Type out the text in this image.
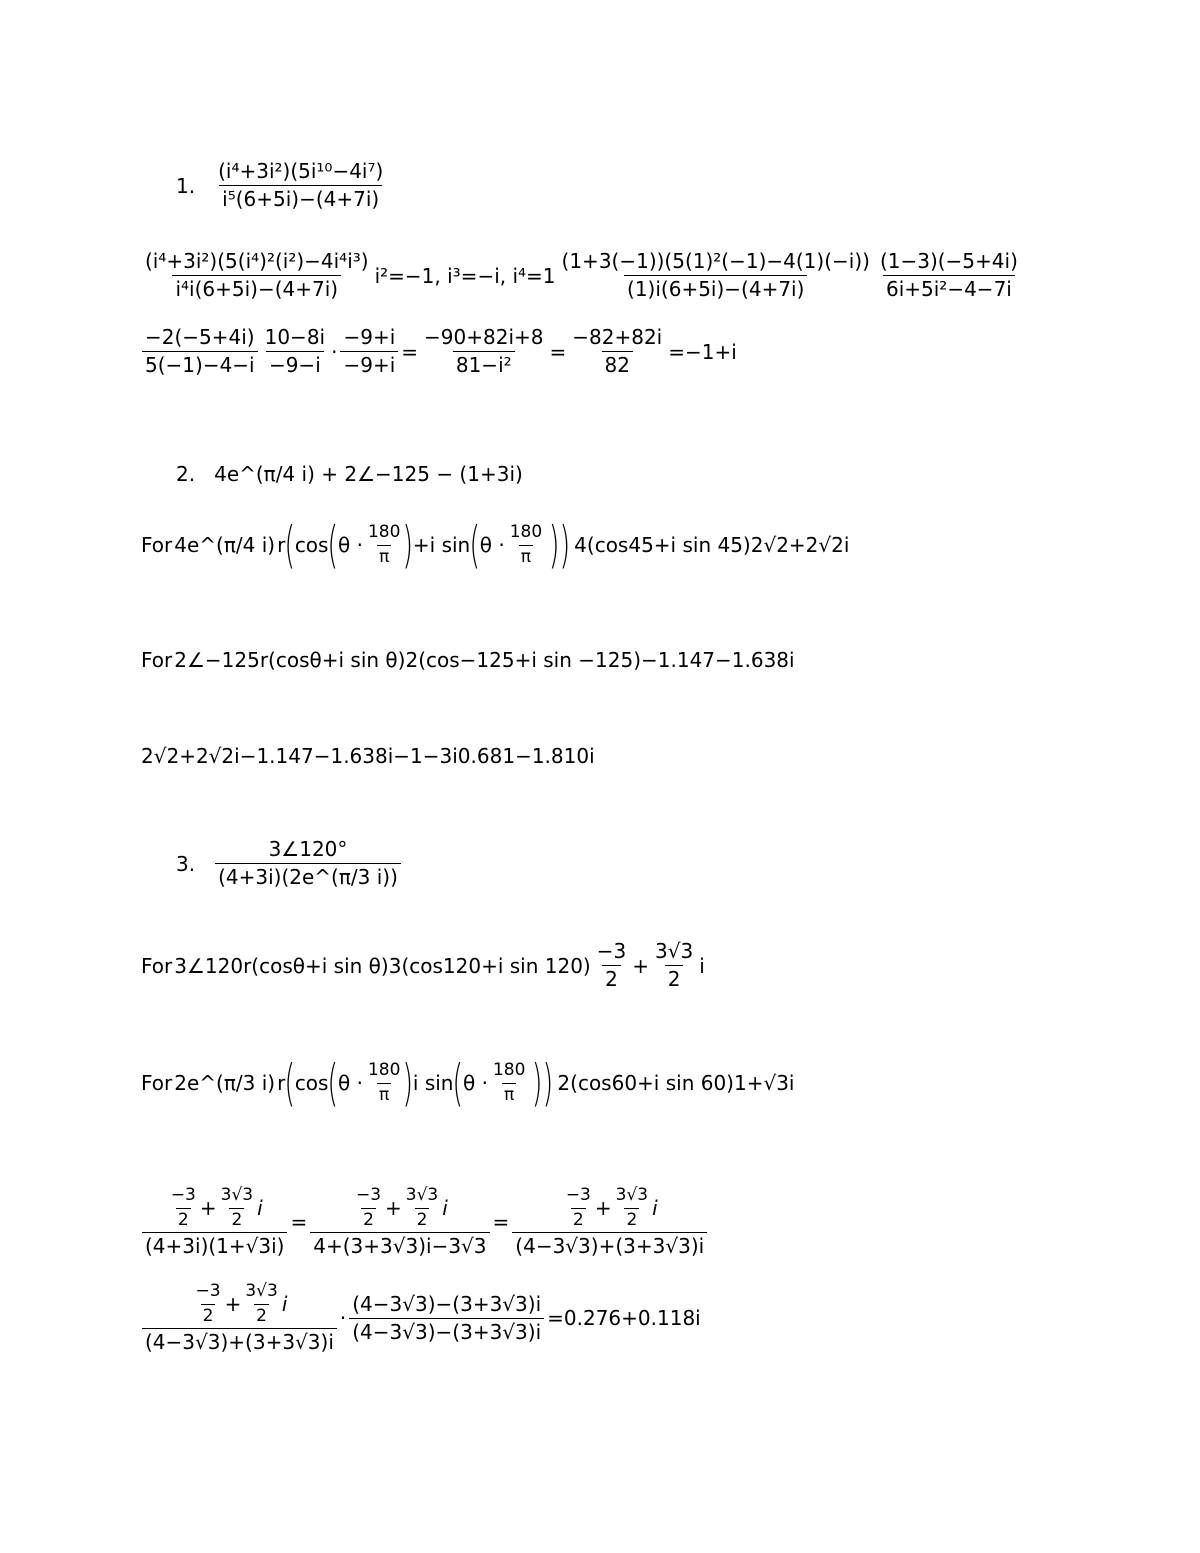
1. $\frac{\text{(i⁴+3i²)(5i¹⁰−4i⁷)}}{\text{i⁵(6+5i)−(4+7i)}}$
$\frac{\text{(i⁴+3i²)(5(i⁴)²(i²)−4i⁴i³)}}{\text{i⁴i(6+5i)−(4+7i)}} i^2=-1$, i³=−i, $i^4=1 \frac{\text{(1+3(−1))(5(1)²(−1)−4(1)(−i))}}{(1)i(6+5i)-(4+7i)} \frac{(1-3)(-5+4i)}{\text{6i+5i²−4−7i}}$
$\frac{-2(-5+4i)}{5(-1)-4-i} \frac{10-8i}{-9-i} \cdot \frac{-9+i}{-9+i} = \frac{-90+82i+8}{\text{81−i²}} = \frac{-82+82i}{82} =-1+i$
2. 4e^(π/4 i) + 2∠−125 − (1+3i)
For 4e^(π/4 i) r ( cos ( $\theta \cdot \frac{180}{\pi}$ ) +i sin ( $\theta \cdot \frac{180}{\pi}$ )) 4(cos45+i sin 45)2√2+2√2i
For 2∠−125r(cosθ+i sin θ)2(cos−125+i sin −125)−1.147−1.638i
2√2+2√2i−1.147−1.638i−1−3i0.681−1.810i
3. $\frac{3\angle 120^\circ}{(4+3i)(2e\^{}(\pi/3 i))}$
For 3∠120r(cosθ+i sin θ)3(cos120+i $\sin 120) \frac{-3}{2} + \frac{3√3}{2}$ i
For 2e^(π/3 i) r ( cos ( $\theta \cdot \frac{180}{\pi}$ ) i sin ( $\theta \cdot \frac{180}{\pi}$ )) 2(cos60+i sin 60)1+√3i
$\frac{-3}{2} + \frac{3√3}{2}$ i
(4+3i)(1+√3i)
=	$\frac{-3}{2} + \frac{3√3}{2}$ i
4+(3+3√3)i−3√3
=	$\frac{-3}{2} + \frac{3√3}{2}$ i
(4−3√3)+(3+3√3)i
$\frac{-3}{2} + \frac{3√3}{2}$ i
(4−3√3)+(3+3√3)i
· $\frac{(4-3√3)-(3+3√3)i}{(4-3√3)-(3+3√3)i} =0.276+0.118i$
